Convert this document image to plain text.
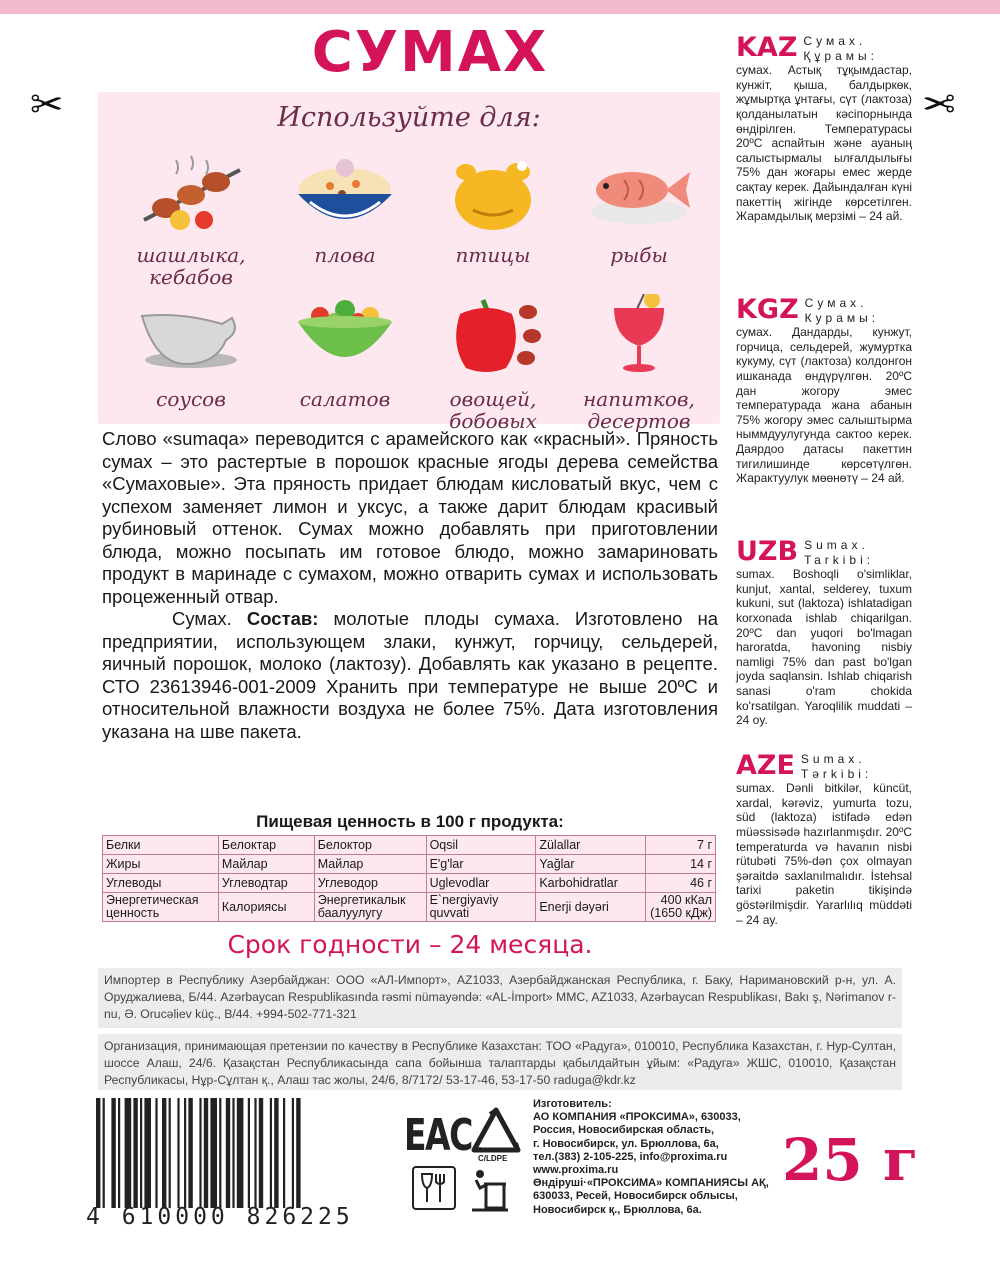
✂	✂
СУМАХ
Используйте для:
шашлыка,
кебабов
плова	птицы	рыбы
соусов	салатов	овощей,
бобовых
напитков,
десертов

Слово «sumaqa» переводится с арамейского как «красный». Пряность сумах – это растертые в порошок красные ягоды дерева семейства «Сумаховые». Эта пряность придает блюдам кисловатый вкус, чем с успехом заменяет лимон и уксус, а также дарит блюдам красивый рубиновый оттенок. Сумах можно добавлять при приготовлении блюда, можно посыпать им готовое блюдо, можно замариновать продукт в маринаде с сумахом, можно отварить сумах и использовать процеженный отвар.

Сумах. Состав: молотые плоды сумаха. Изготовлено на предприятии, использующем злаки, кунжут, горчицу, сельдерей, яичный порошок, молоко (лактозу). Добавлять как указано в рецепте. СТО 23613946-001-2009 Хранить при температуре не выше 20ºС и относительной влажности воздуха не более 75%. Дата изготовления указана на шве пакета.

Пищевая ценность в 100 г продукта:
Белки	Белоктар	Белоктор	Oqsil	Zülallar	7 г
Жиры	Майлар	Майлар	E'g'lar	Yağlar	14 г
Углеводы	Углеводтар	Углеводор	Uglevodlar	Karbohidratlar	46 г
Энергетическая ценность	Калориясы	Энергетикалык баалуулугу	E`nergiyaviy quvvati	Enerji dəyəri	400 кКал (1650 кДж)
Срок годности – 24 месяца.
KAZ Сумах. Құрамы: сумах. Астық тұқымдастар, кунжіт, қыша, балдыркөк, жұмыртқа ұнтағы, сүт (лактоза) қолданылатын кәсіпорнында өндірілген. Температурасы 20ºС аспайтын және ауаның салыстырмалы ылғалдылығы 75% дан жоғары емес жерде сақтау керек. Дайындалған күні пакеттің жігінде көрсетілген. Жарамдылық мерзімі – 24 ай.
KGZ Сумах. Курамы: сумах. Дандарды, кунжут, горчица, сельдерей, жумуртка кукуму, сүт (лактоза) колдонгон ишканада өндүрүлгөн. 20ºС дан жогору эмес температурада жана абанын 75% жогору эмес салыштырма ныммдуулугунда сактоо керек. Даярдоо датасы пакеттин тигилишинде көрсөтүлгөн. Жарактуулук мөөнөтү – 24 ай.
UZB Sumax. Tarkibi: sumax. Boshoqli o'simliklar, kunjut, xantal, selderey, tuxum kukuni, sut (laktoza) ishlatadigan korxonada ishlab chiqarilgan. 20ºC dan yuqori bo'lmagan haroratda, havoning nisbiy namligi 75% dan past bo'lgan joyda saqlansin. Ishlab chiqarish sanasi o'ram chokida ko'rsatilgan. Yaroqlilik muddati – 24 oy.
AZE Sumax. Tərkibi: sumax. Dənli bitkilər, küncüt, xardal, kərəviz, yumurta tozu, süd (laktoza) istifadə edən müəssisədə hazırlanmışdır. 20ºC temperaturda və havanın nisbi rütubəti 75%-dən çox olmayan şəraitdə saxlanılmalıdır. İstehsal tarixi paketin tikişində göstərilmişdir. Yararlılıq müddəti – 24 ay.
Импортер в Республику Азербайджан: ООО «АЛ-Импорт», AZ1033, Азербайджанская Республика, г. Баку, Наримановский р-н, ул. А. Оруджалиева, Б/44. Azərbaycan Respublikasında rəsmi nümayəndə: «AL-İmport» MMC, AZ1033, Azərbaycan Respublikası, Bakı ş, Nərimanov r-nu, Ə. Orucəliev küç., B/44. +994-502-771-321
Организация, принимающая претензии по качеству в Республике Казахстан: ТОО «Радуга», 010010, Республика Казахстан, г. Нур-Султан, шоссе Алаш, 24/6. Қазақстан Республикасында сапа бойынша талаптарды қабылдайтын ұйым: «Радуга» ЖШС, 010010, Қазақстан Республикасы, Нұр-Сұлтан қ., Алаш тас жолы, 24/6, 8/7172/ 53-17-46, 53-17-50 raduga@kdr.kz
4 610000 826225
ЕАС C/LDPE
Изготовитель:
АО КОМПАНИЯ «ПРОКСИМА», 630033,
Россия, Новосибирская область,
г. Новосибирск, ул. Брюллова, 6а,
тел.(383) 2-105-225, info@proxima.ru
www.proxima.ru
Өндіруші·«ПРОКСИМА» КОМПАНИЯСЫ АҚ,
630033, Ресей, Новосибирск облысы,
Новосибирск қ., Брюллова, 6а.
25 г
